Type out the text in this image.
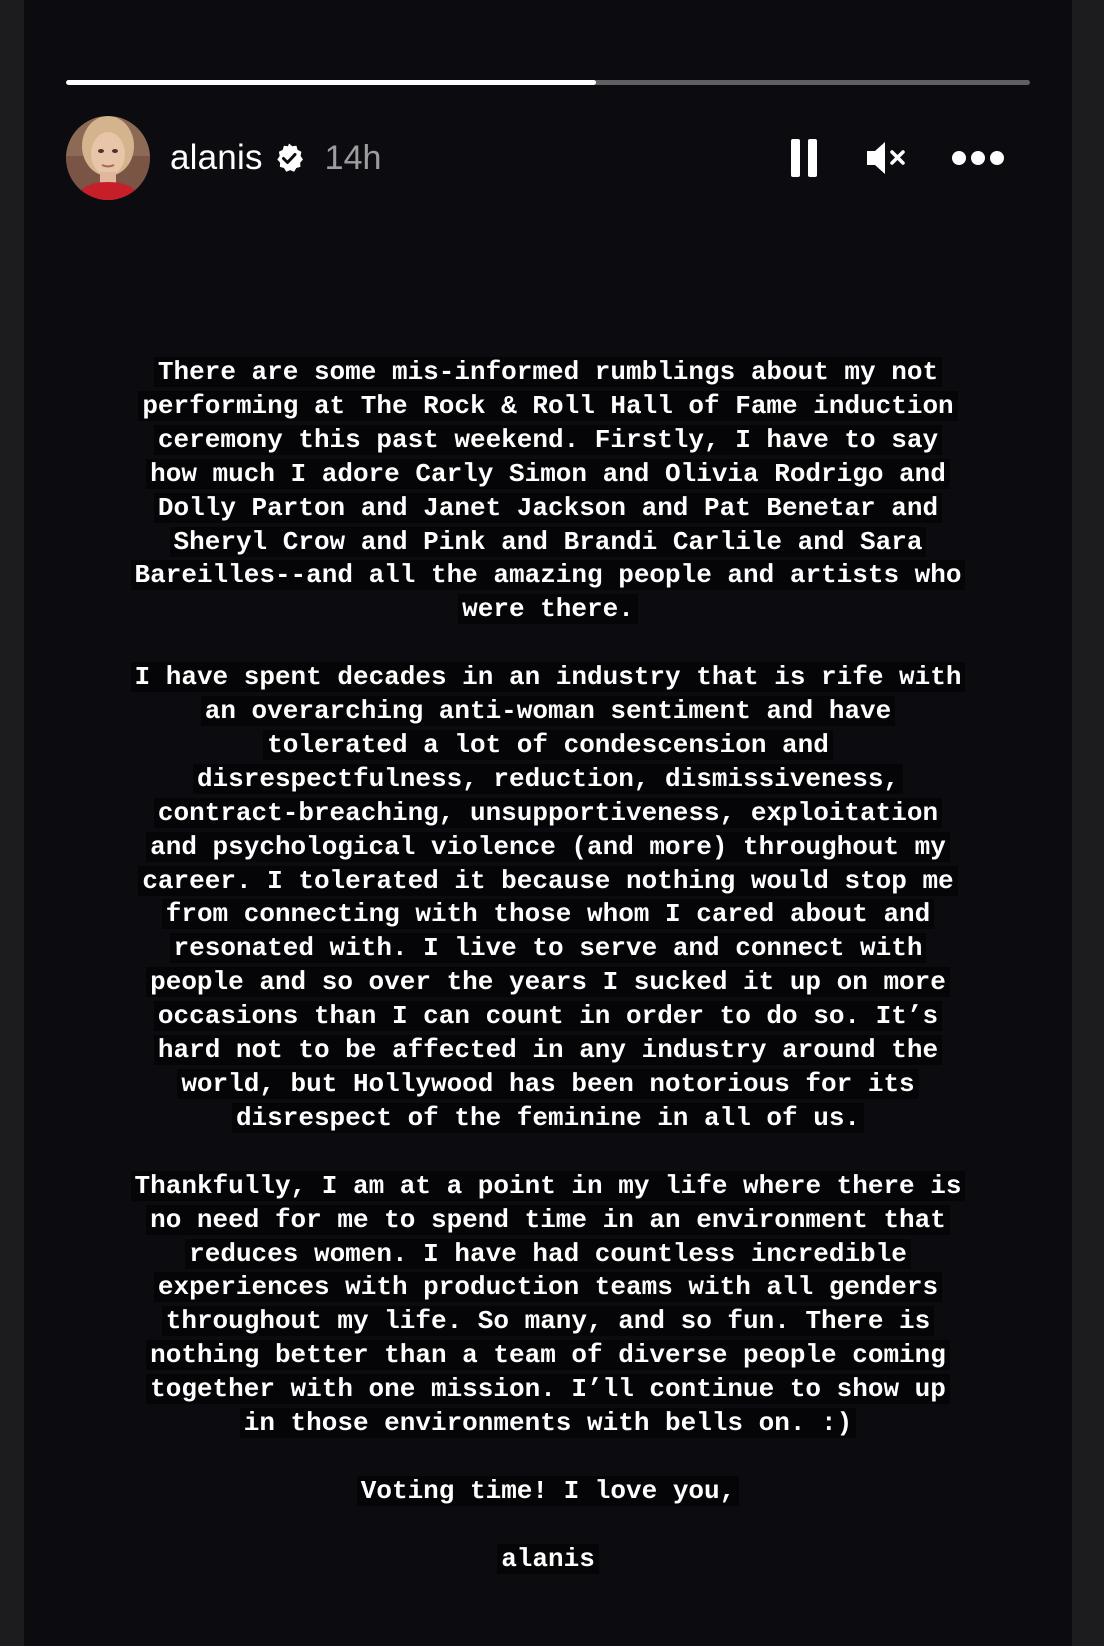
alanis 14h
There are some mis-informed rumblings about my not
performing at The Rock & Roll Hall of Fame induction
ceremony this past weekend. Firstly, I have to say
how much I adore Carly Simon and Olivia Rodrigo and
Dolly Parton and Janet Jackson and Pat Benetar and
Sheryl Crow and Pink and Brandi Carlile and Sara
Bareilles--and all the amazing people and artists who
were there.
I have spent decades in an industry that is rife with
an overarching anti-woman sentiment and have
tolerated a lot of condescension and
disrespectfulness, reduction, dismissiveness,
contract-breaching, unsupportiveness, exploitation
and psychological violence (and more) throughout my
career. I tolerated it because nothing would stop me
from connecting with those whom I cared about and
resonated with. I live to serve and connect with
people and so over the years I sucked it up on more
occasions than I can count in order to do so. It’s
hard not to be affected in any industry around the
world, but Hollywood has been notorious for its
disrespect of the feminine in all of us.
Thankfully, I am at a point in my life where there is
no need for me to spend time in an environment that
reduces women. I have had countless incredible
experiences with production teams with all genders
throughout my life. So many, and so fun. There is
nothing better than a team of diverse people coming
together with one mission. I’ll continue to show up
in those environments with bells on. :)
Voting time! I love you,
alanis
